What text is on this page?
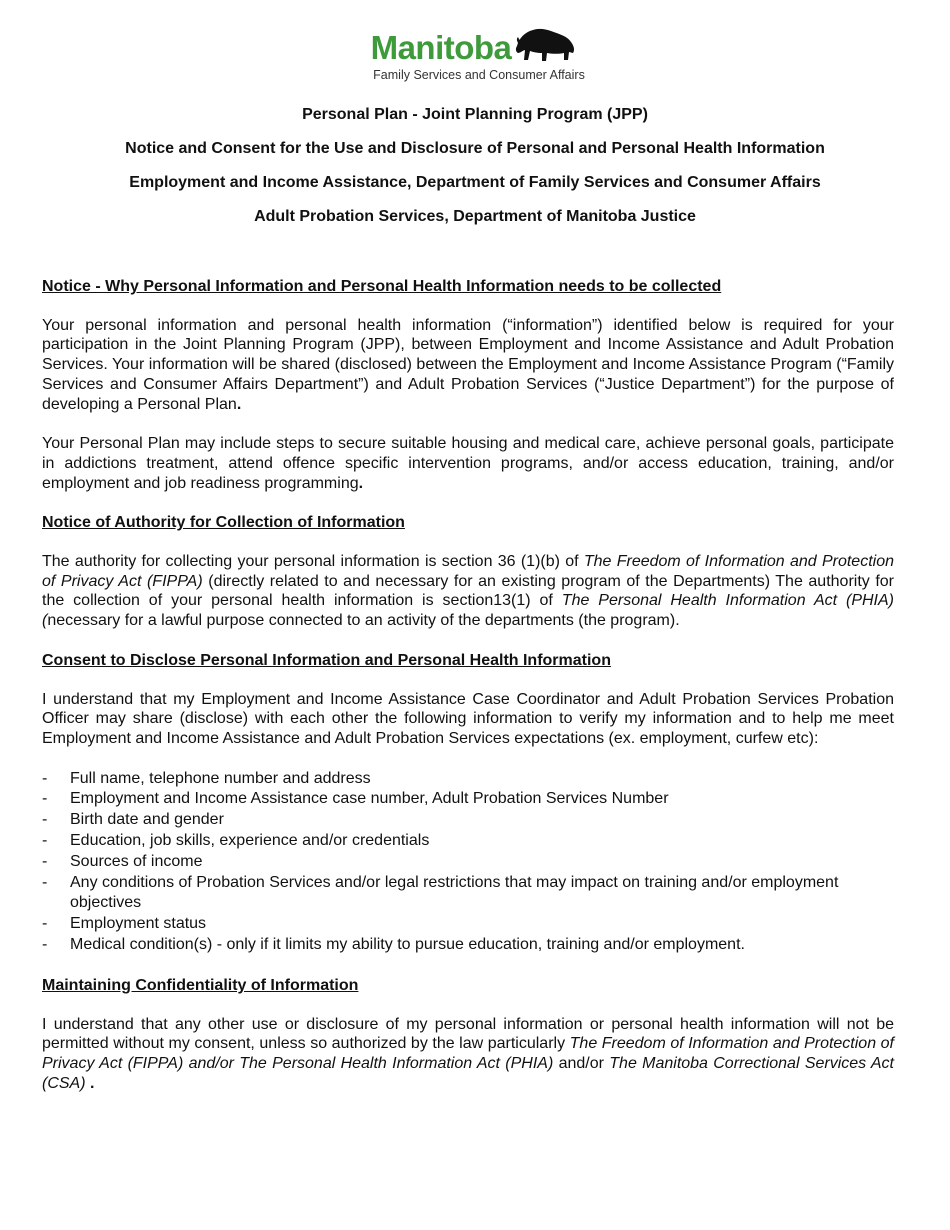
Manitoba
Family Services and Consumer Affairs
Personal Plan - Joint Planning Program (JPP)
Notice and Consent for the Use and Disclosure of Personal and Personal Health Information
Employment and Income Assistance, Department of Family Services and Consumer Affairs
Adult Probation Services, Department of Manitoba Justice
Notice - Why Personal Information and Personal Health Information needs to be collected
Your personal information and personal health information (“information”) identified below is required for your participation in the Joint Planning Program (JPP), between Employment and Income Assistance and Adult Probation Services. Your information will be shared (disclosed) between the Employment and Income Assistance Program (“Family Services and Consumer Affairs Department”) and Adult Probation Services (“Justice Department”) for the purpose of developing a Personal Plan.
Your Personal Plan may include steps to secure suitable housing and medical care, achieve personal goals, participate in addictions treatment, attend offence specific intervention programs, and/or access education, training, and/or employment and job readiness programming.
Notice of Authority for Collection of Information
The authority for collecting your personal information is section 36 (1)(b) of The Freedom of Information and Protection of Privacy Act (FIPPA) (directly related to and necessary for an existing program of the Departments) The authority for the collection of your personal health information is section13(1) of The Personal Health Information Act (PHIA) (necessary for a lawful purpose connected to an activity of the departments (the program).
Consent to Disclose Personal Information and Personal Health Information
I understand that my Employment and Income Assistance Case Coordinator and Adult Probation Services Probation Officer may share (disclose) with each other the following information to verify my information and to help me meet Employment and Income Assistance and Adult Probation Services expectations (ex. employment, curfew etc):
- Full name, telephone number and address
- Employment and Income Assistance case number, Adult Probation Services Number
- Birth date and gender
- Education, job skills, experience and/or credentials
- Sources of income
- Any conditions of Probation Services and/or legal restrictions that may impact on training and/or employment objectives
- Employment status
- Medical condition(s) - only if it limits my ability to pursue education, training and/or employment.
Maintaining Confidentiality of Information
I understand that any other use or disclosure of my personal information or personal health information will not be permitted without my consent, unless so authorized by the law particularly The Freedom of Information and Protection of Privacy Act (FIPPA) and/or The Personal Health Information Act (PHIA) and/or The Manitoba Correctional Services Act (CSA) .
